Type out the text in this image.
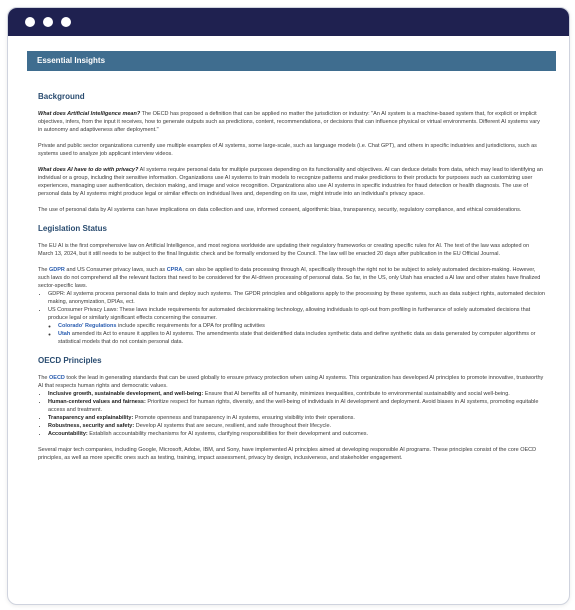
Essential Insights
Background

What does Artificial Intelligence mean? The OECD has proposed a definition that can be applied no matter the jurisdiction or industry: "An AI system is a machine-based system that, for explicit or implicit objectives, infers, from the input it receives, how to generate outputs such as predictions, content, recommendations, or decisions that can influence physical or virtual environments. Different AI systems vary in autonomy and adaptiveness after deployment."

Private and public sector organizations currently use multiple examples of AI systems, some large-scale, such as language models (i.e. Chat GPT), and others in specific industries and jurisdictions, such as systems used to analyze job applicant interview videos.

What does AI have to do with privacy? AI systems require personal data for multiple purposes depending on its functionality and objectives. AI can deduce details from data, which may lead to identifying an individual or a group, including their sensitive information. Organizations use AI systems to train models to recognize patterns and make predictions to their products for purposes such as customizing user experiences, managing user authentication, decision making, and image and voice recognition. Organizations also use AI systems in specific industries for fraud detection or health diagnosis. The use of personal data by AI systems might produce legal or similar effects on individual lives and, depending on its use, might intrude into an individual's privacy space.

The use of personal data by AI systems can have implications on data collection and use, informed consent, algorithmic bias, transparency, security, regulatory compliance, and ethical considerations.

Legislation Status

The EU AI is the first comprehensive law on Artificial Intelligence, and most regions worldwide are updating their regulatory frameworks or creating specific rules for AI. The text of the law was adopted on March 13, 2024, but it still needs to be subject to the final linguistic check and be formally endorsed by the Council. The law will be enacted 20 days after publication in the EU Official Journal.

The GDPR and US Consumer privacy laws, such as CPRA, can also be applied to data processing through AI, specifically through the right not to be subject to solely automated decision-making. However, such laws do not comprehend all the relevant factors that need to be considered for the AI-driven processing of personal data. So far, in the US, only Utah has enacted a AI law and other states have finalized sector-specific laws.

• GDPR: AI systems process personal data to train and deploy such systems. The GPDR principles and obligations apply to the processing by these systems, such as data subject rights, automated decision making, anonymization, DPIAs, ect.
• US Consumer Privacy Laws: These laws include requirements for automated decisionmaking technology, allowing individuals to opt-out from profiling in furtherance of solely automated decisions that produce legal or similarly significant effects concerning the consumer.
◦ Colorado' Regulations include specific requirements for a DPA for profiling activities
◦ Utah amended its Act to ensure it applies to AI systems. The amendments state that deidentified data includes synthetic data and define synthetic data as data generated by computer algorithms or statistical models that do not contain personal data.
OECD Principles

The OECD took the lead in generating standards that can be used globally to ensure privacy protection when using AI systems. This organization has developed AI principles to promote innovative, trustworthy AI that respects human rights and democratic values.

• Inclusive growth, sustainable development, and well-being: Ensure that AI benefits all of humanity, minimizes inequalities, contribute to environmental sustainability and social well-being.
• Human-centered values and fairness: Prioritize respect for human rights, diversity, and the well-being of individuals in AI development and deployment. Avoid biases in AI systems, promoting equitable access and treatment.
• Transparency and explainability: Promote openness and transparency in AI systems, ensuring visibility into their operations.
• Robustness, security and safety: Develop AI systems that are secure, resilient, and safe throughout their lifecycle.
• Accountability: Establish accountability mechanisms for AI systems, clarifying responsibilities for their development and outcomes.

Several major tech companies, including Google, Microsoft, Adobe, IBM, and Sony, have implemented AI principles aimed at developing responsible AI programs. These principles consist of the core OECD principles, as well as more specific ones such as testing, training, impact assessment, privacy by design, inclusiveness, and stakeholder engagement.
